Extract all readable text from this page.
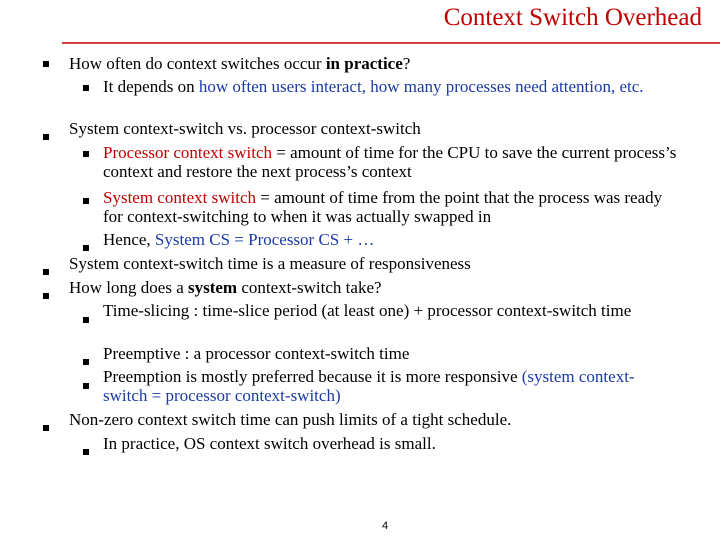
Context Switch Overhead
How often do context switches occur in practice?
It depends on how often users interact, how many processes need attention, etc.
System context-switch vs. processor context-switch
Processor context switch = amount of time for the CPU to save the current process’s context and restore the next process’s context
System context switch = amount of time from the point that the process was ready for context-switching to when it was actually swapped in
Hence, System CS = Processor CS + …
System context-switch time is a measure of responsiveness
How long does a system context-switch take?
Time-slicing : time-slice period (at least one) + processor context-switch time
Preemptive : a processor context-switch time
Preemption is mostly preferred because it is more responsive (system context-switch = processor context-switch)
Non-zero context switch time can push limits of a tight schedule.
In practice, OS context switch overhead is small.
4
